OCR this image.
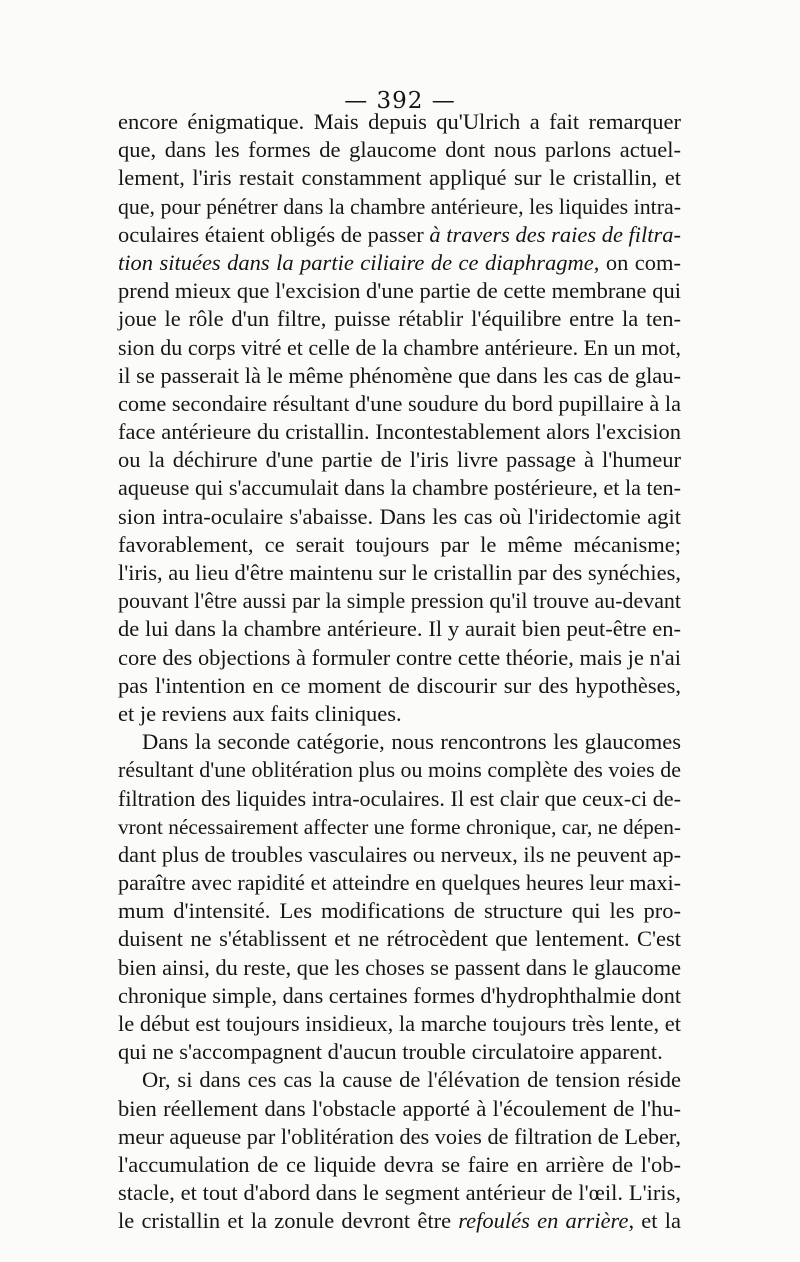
— 392 —
encore énigmatique. Mais depuis qu'Ulrich a fait remarquer
que, dans les formes de glaucome dont nous parlons actuel-
lement, l'iris restait constamment appliqué sur le cristallin, et
que, pour pénétrer dans la chambre antérieure, les liquides intra-
oculaires étaient obligés de passer à travers des raies de filtra-
tion situées dans la partie ciliaire de ce diaphragme, on com-
prend mieux que l'excision d'une partie de cette membrane qui
joue le rôle d'un filtre, puisse rétablir l'équilibre entre la ten-
sion du corps vitré et celle de la chambre antérieure. En un mot,
il se passerait là le même phénomène que dans les cas de glau-
come secondaire résultant d'une soudure du bord pupillaire à la
face antérieure du cristallin. Incontestablement alors l'excision
ou la déchirure d'une partie de l'iris livre passage à l'humeur
aqueuse qui s'accumulait dans la chambre postérieure, et la ten-
sion intra-oculaire s'abaisse. Dans les cas où l'iridectomie agit
favorablement, ce serait toujours par le même mécanisme;
l'iris, au lieu d'être maintenu sur le cristallin par des synéchies,
pouvant l'être aussi par la simple pression qu'il trouve au-devant
de lui dans la chambre antérieure. Il y aurait bien peut-être en-
core des objections à formuler contre cette théorie, mais je n'ai
pas l'intention en ce moment de discourir sur des hypothèses,
et je reviens aux faits cliniques.
Dans la seconde catégorie, nous rencontrons les glaucomes
résultant d'une oblitération plus ou moins complète des voies de
filtration des liquides intra-oculaires. Il est clair que ceux-ci de-
vront nécessairement affecter une forme chronique, car, ne dépen-
dant plus de troubles vasculaires ou nerveux, ils ne peuvent ap-
paraître avec rapidité et atteindre en quelques heures leur maxi-
mum d'intensité. Les modifications de structure qui les pro-
duisent ne s'établissent et ne rétrocèdent que lentement. C'est
bien ainsi, du reste, que les choses se passent dans le glaucome
chronique simple, dans certaines formes d'hydrophthalmie dont
le début est toujours insidieux, la marche toujours très lente, et
qui ne s'accompagnent d'aucun trouble circulatoire apparent.
Or, si dans ces cas la cause de l'élévation de tension réside
bien réellement dans l'obstacle apporté à l'écoulement de l'hu-
meur aqueuse par l'oblitération des voies de filtration de Leber,
l'accumulation de ce liquide devra se faire en arrière de l'ob-
stacle, et tout d'abord dans le segment antérieur de l'œil. L'iris,
le cristallin et la zonule devront être refoulés en arrière, et la
